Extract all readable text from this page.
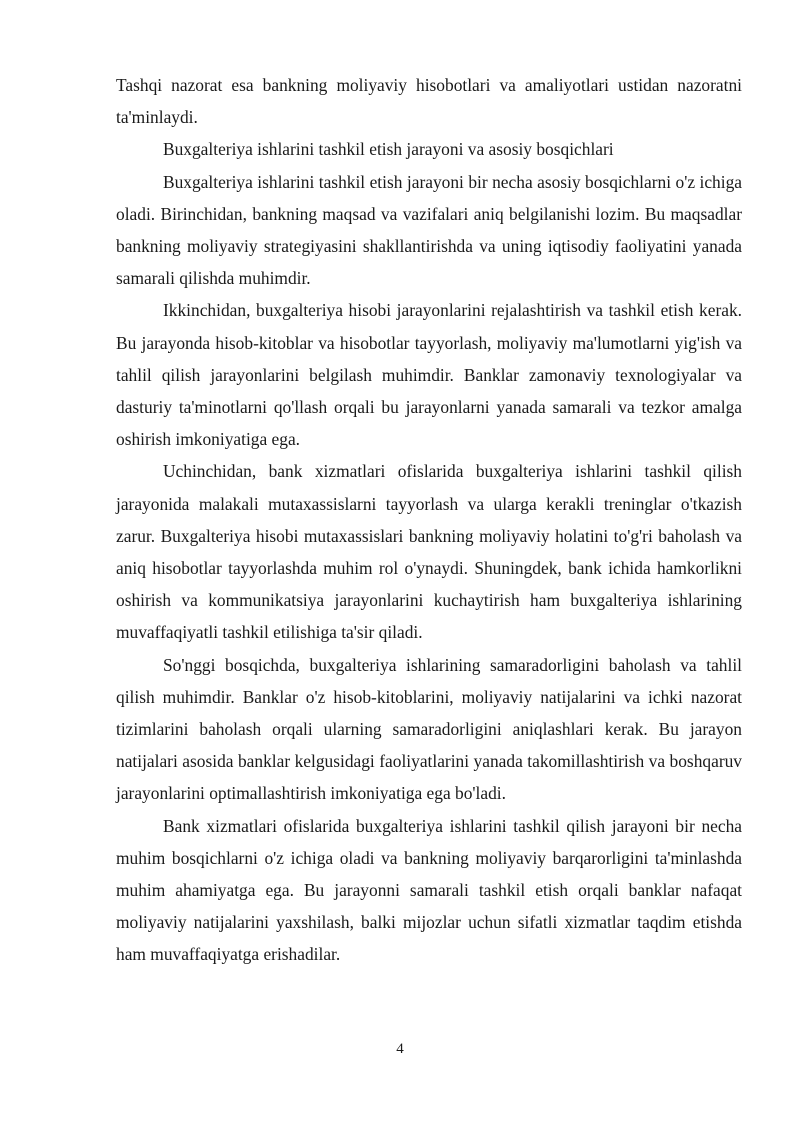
Tashqi nazorat esa bankning moliyaviy hisobotlari va amaliyotlari ustidan nazoratni ta'minlaydi.

Buxgalteriya ishlarini tashkil etish jarayoni va asosiy bosqichlari

Buxgalteriya ishlarini tashkil etish jarayoni bir necha asosiy bosqichlarni o'z ichiga oladi. Birinchidan, bankning maqsad va vazifalari aniq belgilanishi lozim. Bu maqsadlar bankning moliyaviy strategiyasini shakllantirishda va uning iqtisodiy faoliyatini yanada samarali qilishda muhimdir.

Ikkinchidan, buxgalteriya hisobi jarayonlarini rejalashtirish va tashkil etish kerak. Bu jarayonda hisob-kitoblar va hisobotlar tayyorlash, moliyaviy ma'lumotlarni yig'ish va tahlil qilish jarayonlarini belgilash muhimdir. Banklar zamonaviy texnologiyalar va dasturiy ta'minotlarni qo'llash orqali bu jarayonlarni yanada samarali va tezkor amalga oshirish imkoniyatiga ega.

Uchinchidan, bank xizmatlari ofislarida buxgalteriya ishlarini tashkil qilish jarayonida malakali mutaxassislarni tayyorlash va ularga kerakli treninglar o'tkazish zarur. Buxgalteriya hisobi mutaxassislari bankning moliyaviy holatini to'g'ri baholash va aniq hisobotlar tayyorlashda muhim rol o'ynaydi. Shuningdek, bank ichida hamkorlikni oshirish va kommunikatsiya jarayonlarini kuchaytirish ham buxgalteriya ishlarining muvaffaqiyatli tashkil etilishiga ta'sir qiladi.

So'nggi bosqichda, buxgalteriya ishlarining samaradorligini baholash va tahlil qilish muhimdir. Banklar o'z hisob-kitoblarini, moliyaviy natijalarini va ichki nazorat tizimlarini baholash orqali ularning samaradorligini aniqlashlari kerak. Bu jarayon natijalari asosida banklar kelgusidagi faoliyatlarini yanada takomillashtirish va boshqaruv jarayonlarini optimallashtirish imkoniyatiga ega bo'ladi.

Bank xizmatlari ofislarida buxgalteriya ishlarini tashkil qilish jarayoni bir necha muhim bosqichlarni o'z ichiga oladi va bankning moliyaviy barqarorligini ta'minlashda muhim ahamiyatga ega. Bu jarayonni samarali tashkil etish orqali banklar nafaqat moliyaviy natijalarini yaxshilash, balki mijozlar uchun sifatli xizmatlar taqdim etishda ham muvaffaqiyatga erishadilar.

4
